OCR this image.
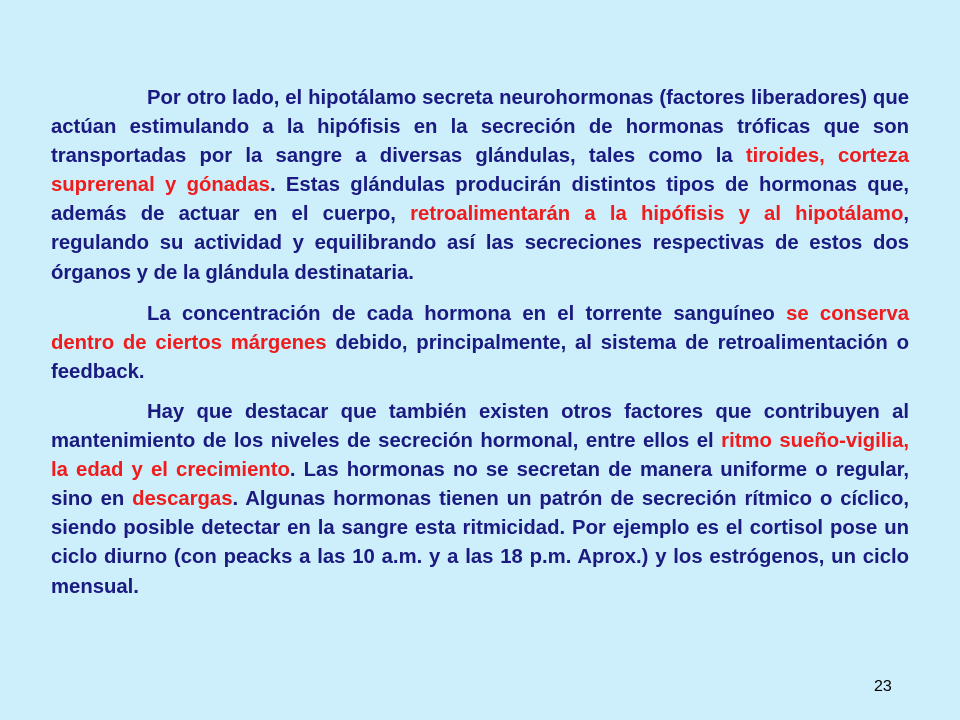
Por otro lado, el hipotálamo secreta neurohormonas (factores liberadores) que actúan estimulando a la hipófisis en la secreción de hormonas tróficas que son transportadas por la sangre a diversas glándulas, tales como la tiroides, corteza suprerenal y gónadas. Estas glándulas producirán distintos tipos de hormonas que, además de actuar en el cuerpo, retroalimentarán a la hipófisis y al hipotálamo, regulando su actividad y equilibrando así las secreciones respectivas de estos dos órganos y de la glándula destinataria.

La concentración de cada hormona en el torrente sanguíneo se conserva dentro de ciertos márgenes debido, principalmente, al sistema de retroalimentación o feedback.

Hay que destacar que también existen otros factores que contribuyen al mantenimiento de los niveles de secreción hormonal, entre ellos el ritmo sueño-vigilia, la edad y el crecimiento. Las hormonas no se secretan de manera uniforme o regular, sino en descargas. Algunas hormonas tienen un patrón de secreción rítmico o cíclico, siendo posible detectar en la sangre esta ritmicidad. Por ejemplo es el cortisol pose un ciclo diurno (con peacks a las 10 a.m. y a las 18 p.m. Aprox.) y los estrógenos, un ciclo mensual.

23
